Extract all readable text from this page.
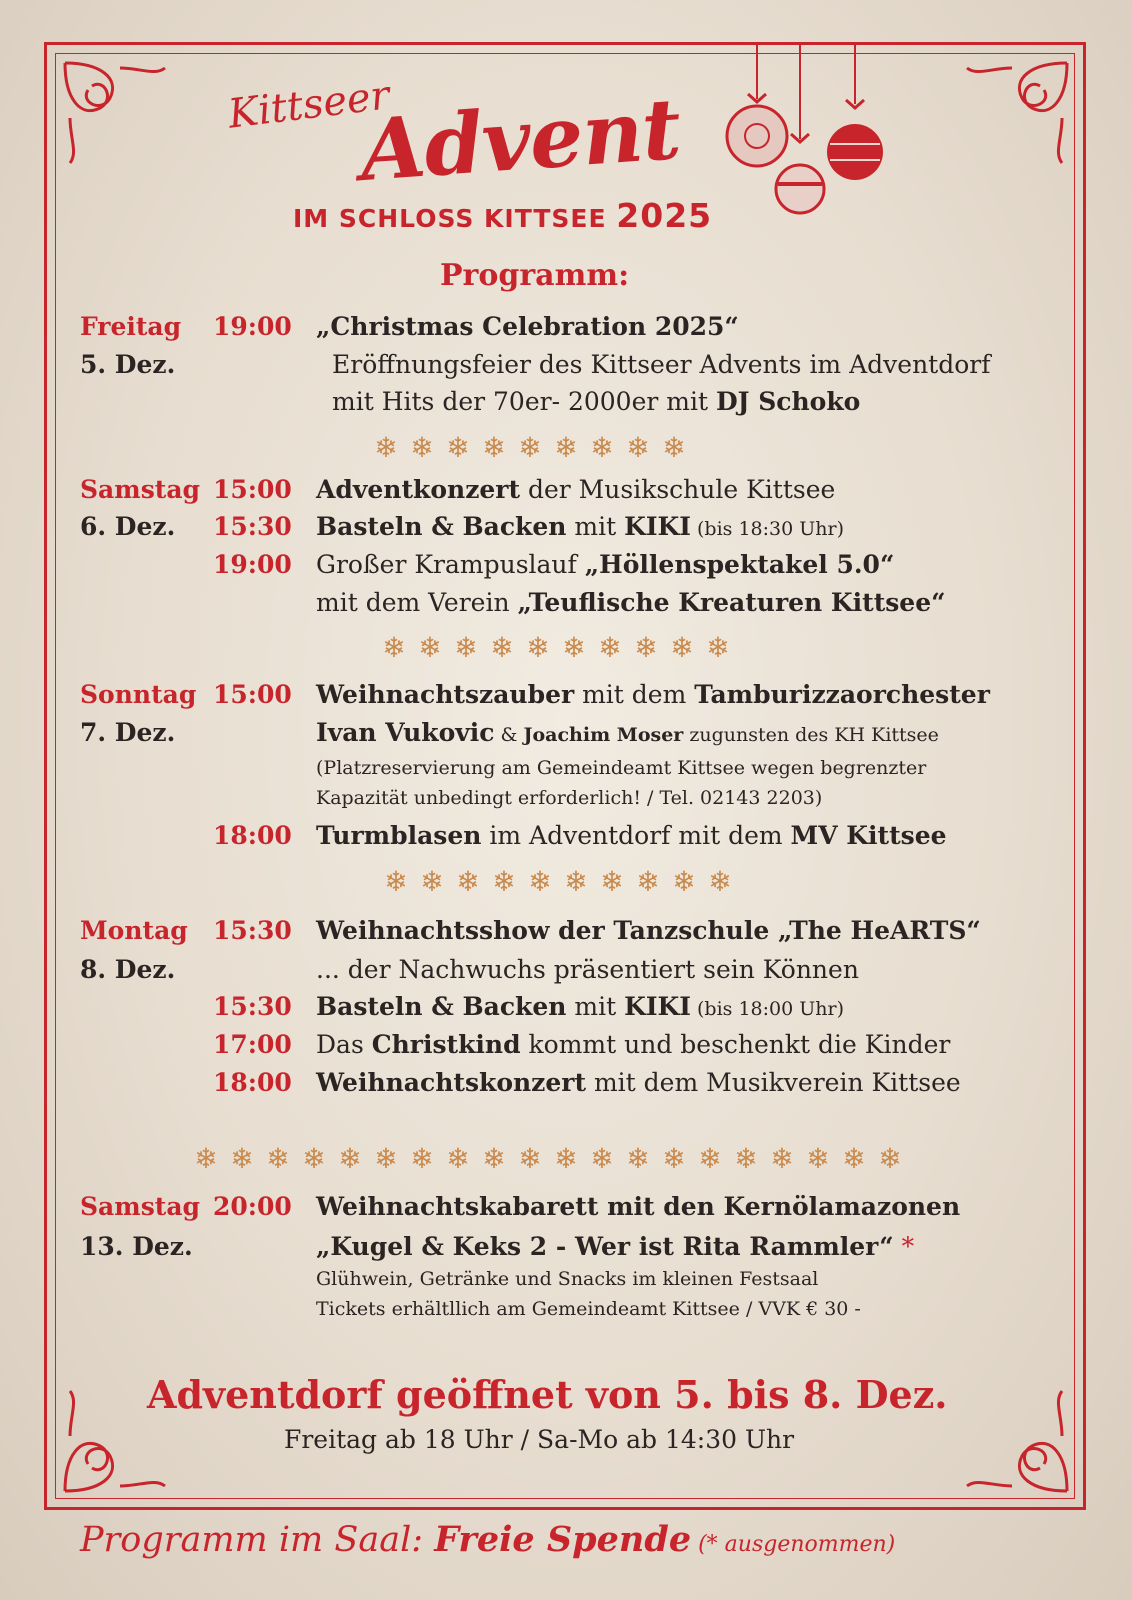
Kittseer
Advent
IM SCHLOSS KITTSEE 2025
Programm:
Freitag
5. Dez.
19:00 „Christmas Celebration 2025“
Eröffnungsfeier des Kittseer Advents im Adventdorf
mit Hits der 70er- 2000er mit DJ Schoko
❄ ❄ ❄ ❄ ❄ ❄ ❄ ❄ ❄
Samstag
6. Dez.
15:00 Adventkonzert der Musikschule Kittsee
15:30 Basteln & Backen mit KIKI (bis 18:30 Uhr)
19:00 Großer Krampuslauf „Höllenspektakel 5.0“
mit dem Verein „Teuflische Kreaturen Kittsee“
❄ ❄ ❄ ❄ ❄ ❄ ❄ ❄ ❄ ❄
Sonntag
7. Dez.
15:00 Weihnachtszauber mit dem Tamburizzaorchester
Ivan Vukovic & Joachim Moser zugunsten des KH Kittsee
(Platzreservierung am Gemeindeamt Kittsee wegen begrenzter
Kapazität unbedingt erforderlich! / Tel. 02143 2203)
18:00 Turmblasen im Adventdorf mit dem MV Kittsee
❄ ❄ ❄ ❄ ❄ ❄ ❄ ❄ ❄ ❄
Montag
8. Dez.
15:30 Weihnachtsshow der Tanzschule „The HeARTS“
... der Nachwuchs präsentiert sein Können
15:30 Basteln & Backen mit KIKI (bis 18:00 Uhr)
17:00 Das Christkind kommt und beschenkt die Kinder
18:00 Weihnachtskonzert mit dem Musikverein Kittsee
❄ ❄ ❄ ❄ ❄ ❄ ❄ ❄ ❄ ❄ ❄ ❄ ❄ ❄ ❄ ❄ ❄ ❄ ❄ ❄
Samstag
13. Dez.
20:00 Weihnachtskabarett mit den Kernölamazonen
„Kugel & Keks 2 - Wer ist Rita Rammler“ *
Glühwein, Getränke und Snacks im kleinen Festsaal
Tickets erhältllich am Gemeindeamt Kittsee / VVK € 30 -
Adventdorf geöffnet von 5. bis 8. Dez.
Freitag ab 18 Uhr / Sa-Mo ab 14:30 Uhr
Programm im Saal: Freie Spende (* ausgenommen)
